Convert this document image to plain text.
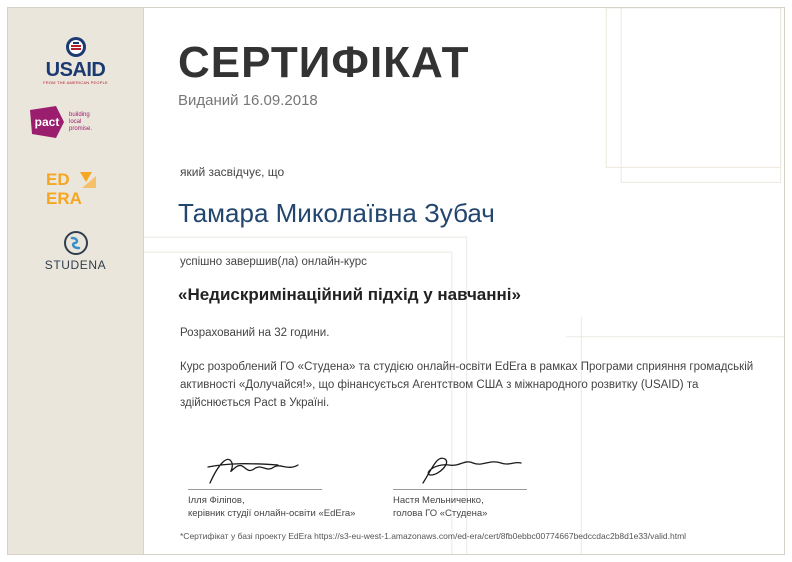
USAID
FROM THE AMERICAN PEOPLE
pact
building
local
promise.
ED
ERA
STUDENA
СЕРТИФІКАТ
Виданий 16.09.2018
який засвідчує, що
Тамара Миколаївна Зубач
успішно завершив(ла) онлайн-курс
«Недискримінаційний підхід у навчанні»
Розрахований на 32 години.
Курс розроблений ГО «Студена» та студією онлайн-освіти EdEra в рамках Програми сприяння громадській активності «Долучайся!», що фінансується Агентством США з міжнародного розвитку (USAID) та здійснюється Pact в Україні.
Ілля Філіпов,
керівник студії онлайн-освіти «EdEra»
Настя Мельниченко,
голова ГО «Студена»
*Сертифікат у базі проекту EdEra https://s3-eu-west-1.amazonaws.com/ed-era/cert/8fb0ebbc00774667bedccdac2b8d1e33/valid.html
